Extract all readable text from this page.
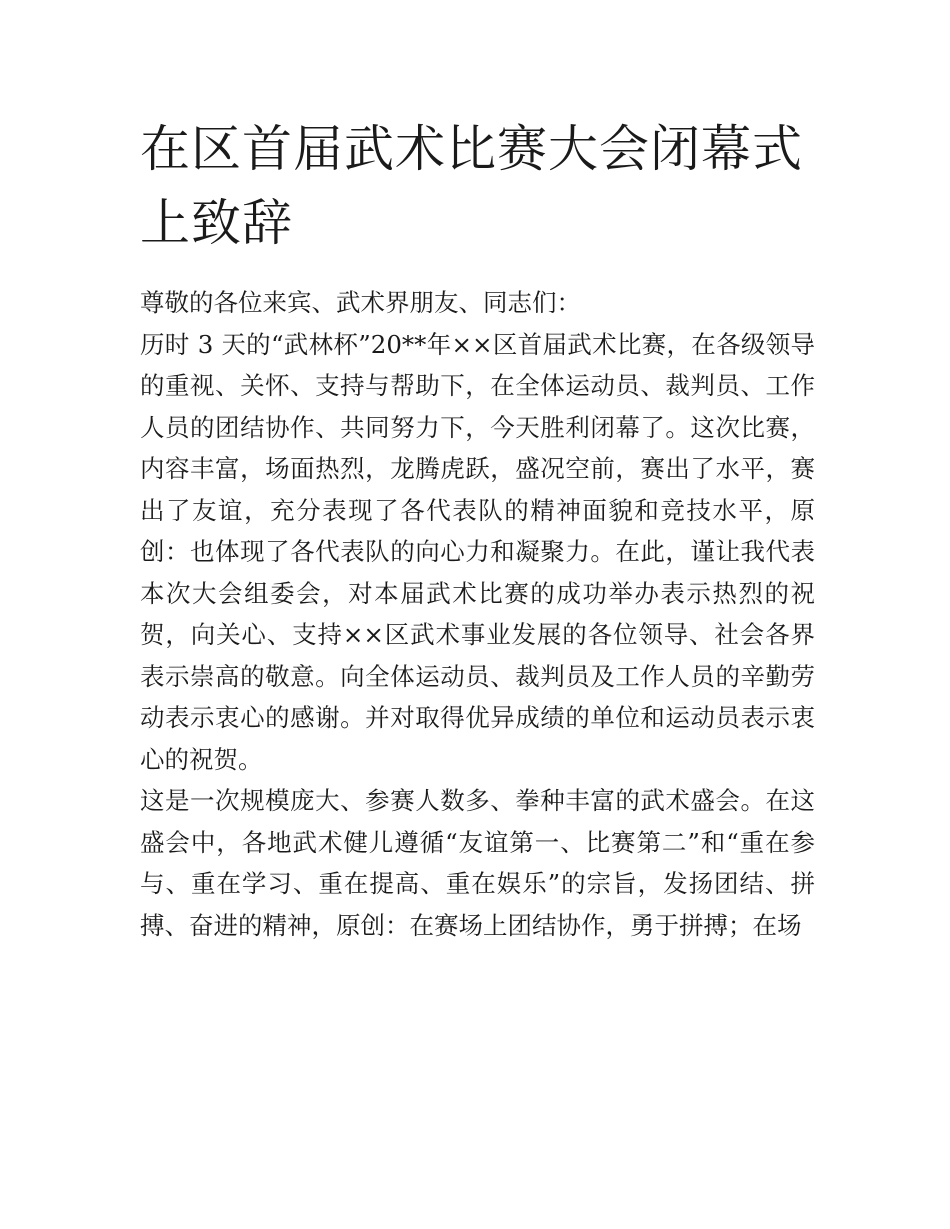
在区首届武术比赛大会闭幕式上致辞

尊敬的各位来宾、武术界朋友、同志们：

历时 3 天的“武林杯”20**年××区首届武术比赛，在各级领导的重视、关怀、支持与帮助下，在全体运动员、裁判员、工作人员的团结协作、共同努力下，今天胜利闭幕了。这次比赛，内容丰富，场面热烈，龙腾虎跃，盛况空前，赛出了水平，赛出了友谊，充分表现了各代表队的精神面貌和竞技水平，原创：也体现了各代表队的向心力和凝聚力。在此，谨让我代表本次大会组委会，对本届武术比赛的成功举办表示热烈的祝贺，向关心、支持××区武术事业发展的各位领导、社会各界表示崇高的敬意。向全体运动员、裁判员及工作人员的辛勤劳动表示衷心的感谢。并对取得优异成绩的单位和运动员表示衷心的祝贺。

这是一次规模庞大、参赛人数多、拳种丰富的武术盛会。在这盛会中，各地武术健儿遵循“友谊第一、比赛第二”和“重在参与、重在学习、重在提高、重在娱乐”的宗旨，发扬团结、拼搏、奋进的精神，原创：在赛场上团结协作，勇于拼搏；在场
